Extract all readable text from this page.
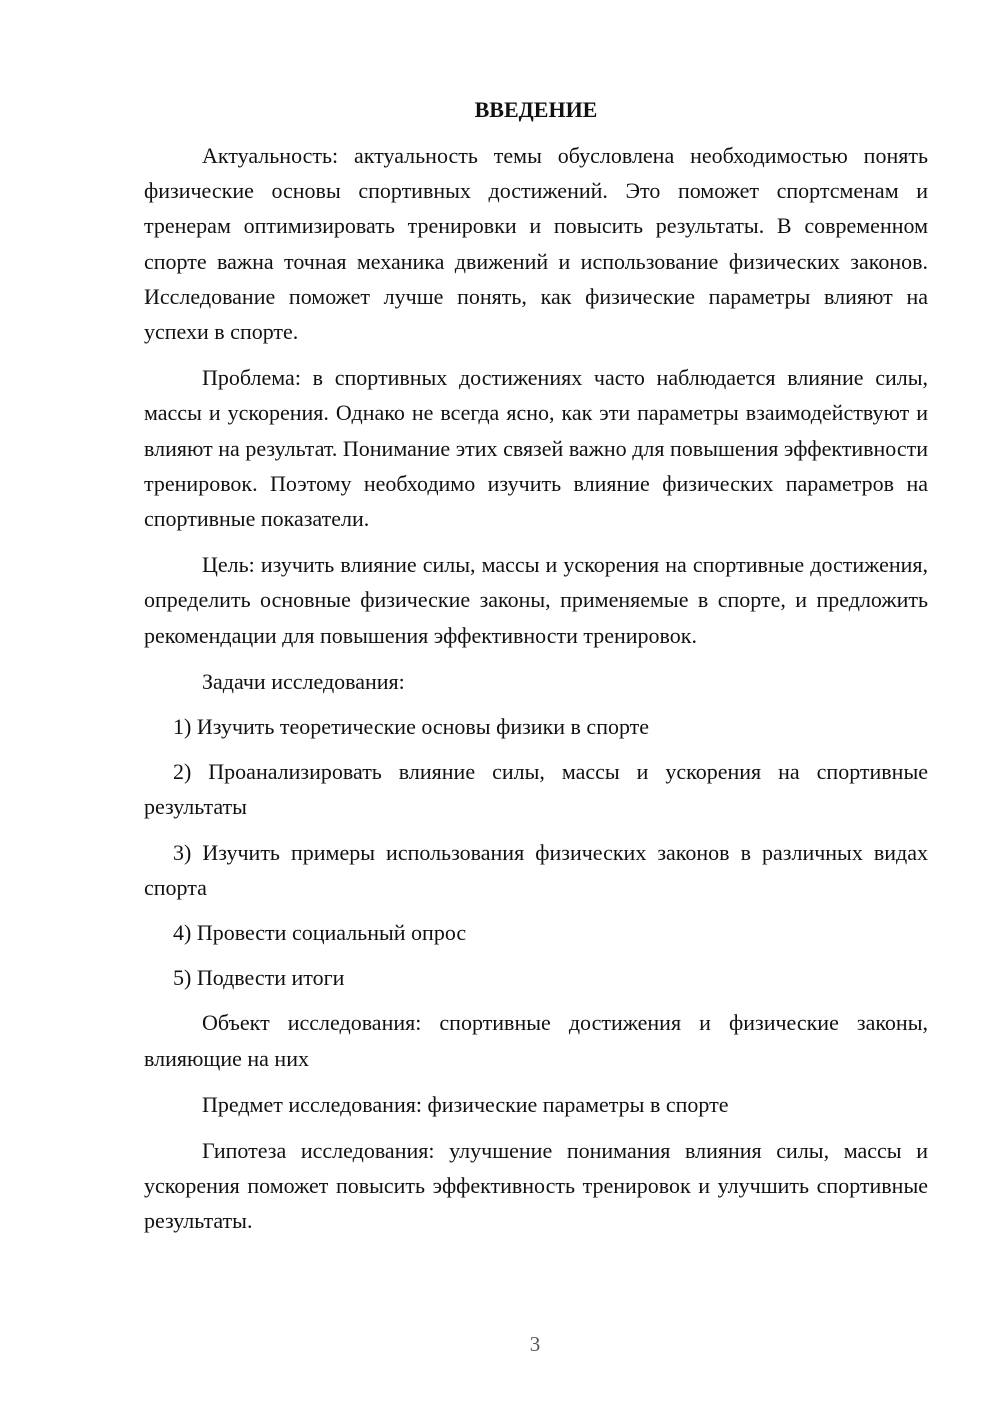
ВВЕДЕНИЕ

Актуальность: актуальность темы обусловлена необходимостью понять физические основы спортивных достижений. Это поможет спортсменам и тренерам оптимизировать тренировки и повысить результаты. В современном спорте важна точная механика движений и использование физических законов. Исследование поможет лучше понять, как физические параметры влияют на успехи в спорте.

Проблема: в спортивных достижениях часто наблюдается влияние силы, массы и ускорения. Однако не всегда ясно, как эти параметры взаимодействуют и влияют на результат. Понимание этих связей важно для повышения эффективности тренировок. Поэтому необходимо изучить влияние физических параметров на спортивные показатели.

Цель: изучить влияние силы, массы и ускорения на спортивные достижения, определить основные физические законы, применяемые в спорте, и предложить рекомендации для повышения эффективности тренировок.

Задачи исследования:

1) Изучить теоретические основы физики в спорте

2) Проанализировать влияние силы, массы и ускорения на спортивные результаты

3) Изучить примеры использования физических законов в различных видах спорта

4) Провести социальный опрос

5) Подвести итоги

Объект исследования: спортивные достижения и физические законы, влияющие на них

Предмет исследования: физические параметры в спорте

Гипотеза исследования: улучшение понимания влияния силы, массы и ускорения поможет повысить эффективность тренировок и улучшить спортивные результаты.

3
